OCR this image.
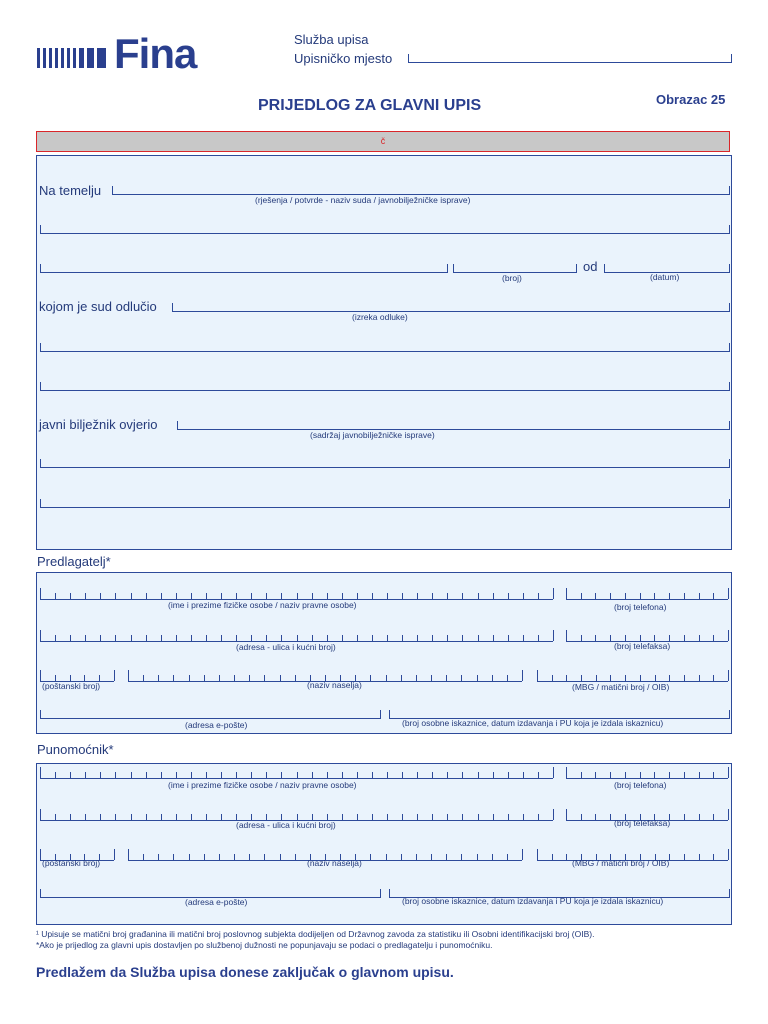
Fina	Služba upisa
Upisničko mjesto
PRIJEDLOG ZA GLAVNI UPIS	Obrazac 25
č
Na temelju
(rješenja / potvrde - naziv suda / javnobilježničke isprave)
od
(broj)	(datum)
kojom je sud odlučio
(izreka odluke)
javni bilježnik ovjerio
(sadržaj javnobilježničke isprave)
Predlagatelj*
(ime i prezime fizičke osobe / naziv pravne osobe)	(broj telefona)
(adresa - ulica i kućni broj)	(broj telefaksa)
(poštanski broj)	(naziv naselja)	(MBG / matični broj / OIB)
(adresa e-pošte)	(broj osobne iskaznice, datum izdavanja i PU koja je izdala iskaznicu)
Punomoćnik*
(ime i prezime fizičke osobe / naziv pravne osobe)	(broj telefona)
(adresa - ulica i kućni broj)	(broj telefaksa)
(poštanski broj)	(naziv naselja)	(MBG / matični broj / OIB)
(adresa e-pošte)	(broj osobne iskaznice, datum izdavanja i PU koja je izdala iskaznicu)
¹ Upisuje se matični broj građanina ili matični broj poslovnog subjekta dodijeljen od Državnog zavoda za statistiku ili Osobni identifikacijski broj (OIB).
*Ako je prijedlog za glavni upis dostavljen po službenoj dužnosti ne popunjavaju se podaci o predlagatelju i punomoćniku.
Predlažem da Služba upisa donese zaključak o glavnom upisu.
